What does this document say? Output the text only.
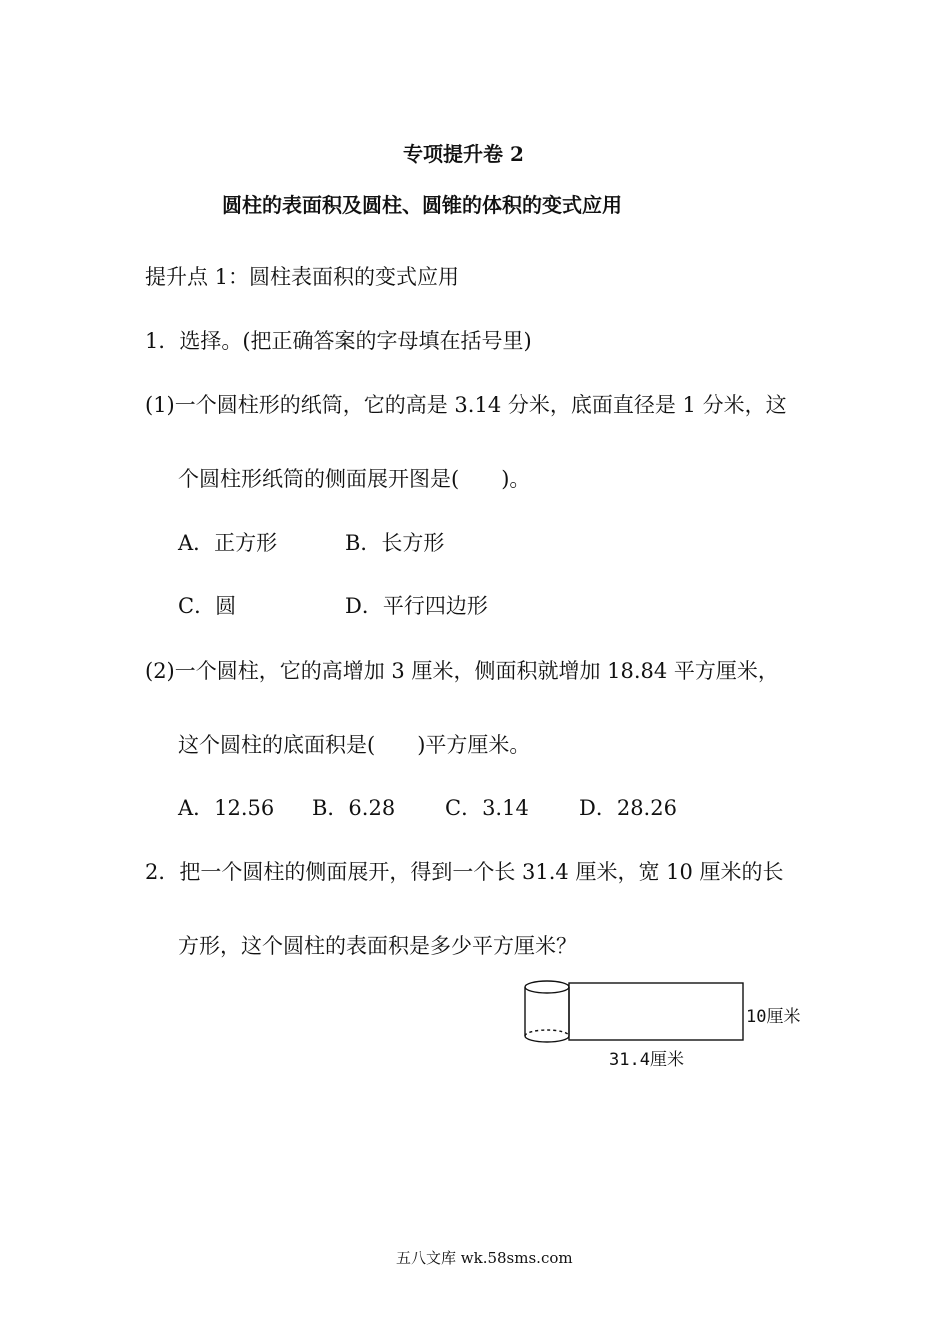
专项提升卷 2
圆柱的表面积及圆柱、圆锥的体积的变式应用
提升点 1：圆柱表面积的变式应用
1．选择。(把正确答案的字母填在括号里)
(1)一个圆柱形的纸筒，它的高是 3.14 分米，底面直径是 1 分米，这
个圆柱形纸筒的侧面展开图是(　　)。
A．正方形	B．长方形
C．圆	D．平行四边形
(2)一个圆柱，它的高增加 3 厘米，侧面积就增加 18.84 平方厘米，
这个圆柱的底面积是(　　)平方厘米。
A．12.56 B．6.28 C．3.14 D．28.26
2．把一个圆柱的侧面展开，得到一个长 31.4 厘米，宽 10 厘米的长
方形，这个圆柱的表面积是多少平方厘米？
10厘米
31.4厘米
五八文库 wk.58sms.com
